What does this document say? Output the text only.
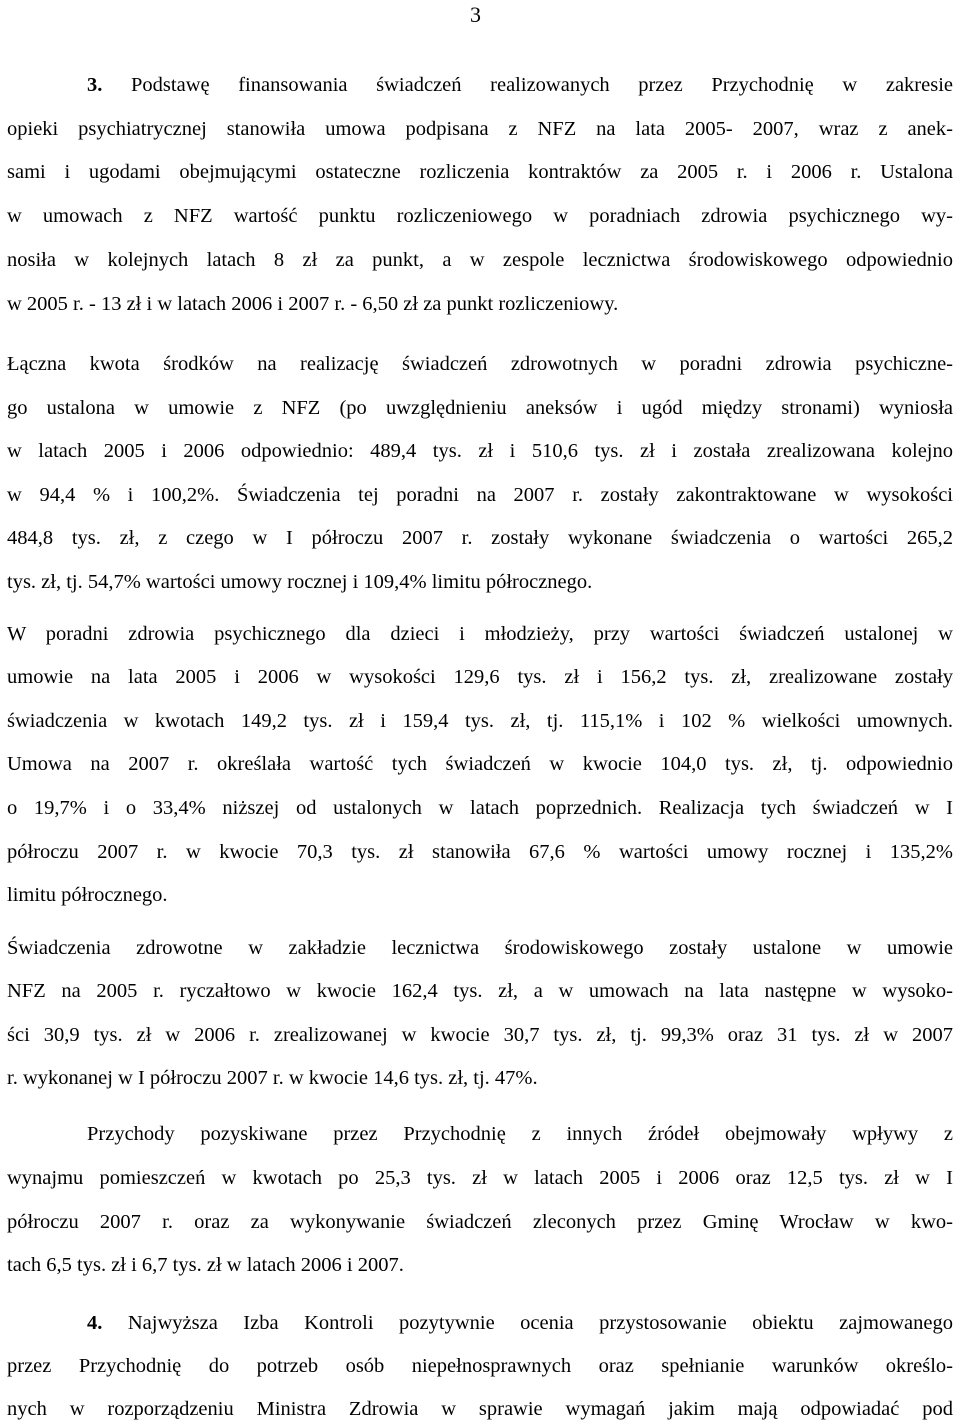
3
3. Podstawę finansowania świadczeń realizowanych przez Przychodnię w zakresie
opieki psychiatrycznej stanowiła umowa podpisana z NFZ na lata 2005- 2007, wraz z anek-
sami i ugodami obejmującymi ostateczne rozliczenia kontraktów za 2005 r. i 2006 r. Ustalona
w umowach z NFZ wartość punktu rozliczeniowego w poradniach zdrowia psychicznego wy-
nosiła w kolejnych latach 8 zł za punkt, a w zespole lecznictwa środowiskowego odpowiednio
w 2005 r. - 13 zł i w latach 2006 i 2007 r. - 6,50 zł za punkt rozliczeniowy.
Łączna kwota środków na realizację świadczeń zdrowotnych w poradni zdrowia psychiczne-
go ustalona w umowie z NFZ (po uwzględnieniu aneksów i ugód między stronami) wyniosła
w latach 2005 i 2006 odpowiednio: 489,4 tys. zł i 510,6 tys. zł i została zrealizowana kolejno
w 94,4 % i 100,2%. Świadczenia tej poradni na 2007 r. zostały zakontraktowane w wysokości
484,8 tys. zł, z czego w I półroczu 2007 r. zostały wykonane świadczenia o wartości 265,2
tys. zł, tj. 54,7% wartości umowy rocznej i 109,4% limitu półrocznego.
W poradni zdrowia psychicznego dla dzieci i młodzieży, przy wartości świadczeń ustalonej w
umowie na lata 2005 i 2006 w wysokości 129,6 tys. zł i 156,2 tys. zł, zrealizowane zostały
świadczenia w kwotach 149,2 tys. zł i 159,4 tys. zł, tj. 115,1% i 102 % wielkości umownych.
Umowa na 2007 r. określała wartość tych świadczeń w kwocie 104,0 tys. zł, tj. odpowiednio
o 19,7% i o 33,4% niższej od ustalonych w latach poprzednich. Realizacja tych świadczeń w I
półroczu 2007 r. w kwocie 70,3 tys. zł stanowiła 67,6 % wartości umowy rocznej i 135,2%
limitu półrocznego.
Świadczenia zdrowotne w zakładzie lecznictwa środowiskowego zostały ustalone w umowie
NFZ na 2005 r. ryczałtowo w kwocie 162,4 tys. zł, a w umowach na lata następne w wysoko-
ści 30,9 tys. zł w 2006 r. zrealizowanej w kwocie 30,7 tys. zł, tj. 99,3% oraz 31 tys. zł w 2007
r. wykonanej w I półroczu 2007 r. w kwocie 14,6 tys. zł, tj. 47%.
Przychody pozyskiwane przez Przychodnię z innych źródeł obejmowały wpływy z
wynajmu pomieszczeń w kwotach po 25,3 tys. zł w latach 2005 i 2006 oraz 12,5 tys. zł w I
półroczu 2007 r. oraz za wykonywanie świadczeń zleconych przez Gminę Wrocław w kwo-
tach 6,5 tys. zł i 6,7 tys. zł w latach 2006 i 2007.
4. Najwyższa Izba Kontroli pozytywnie ocenia przystosowanie obiektu zajmowanego
przez Przychodnię do potrzeb osób niepełnosprawnych oraz spełnianie warunków określo-
nych w rozporządzeniu Ministra Zdrowia w sprawie wymagań jakim mają odpowiadać pod
